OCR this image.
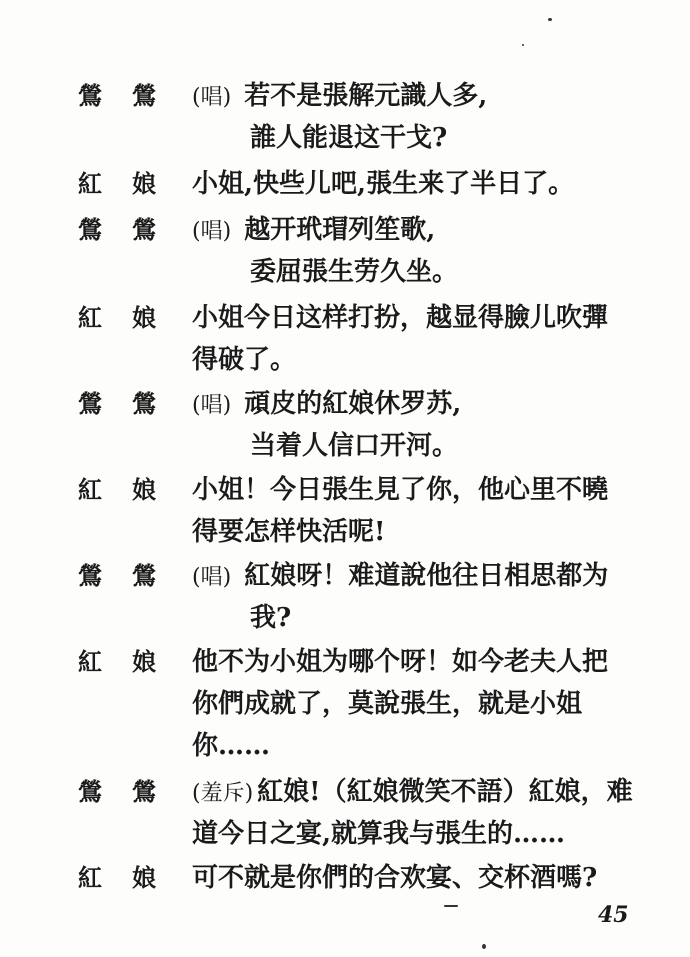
鶯鶯 (唱) 若不是張解元識人多,
誰人能退这干戈?
紅娘 小姐,快些儿吧,張生来了半日了。
鶯鶯 (唱) 越开玳瑁列笙歌,
委屈張生劳久坐。
紅娘 小姐今日这样打扮，越显得臉儿吹彈
得破了。
鶯鶯 (唱) 頑皮的紅娘休罗苏,
当着人信口开河。
紅娘 小姐！今日張生見了你，他心里不曉
得要怎样快活呢!
鶯鶯 (唱) 紅娘呀！难道說他往日相思都为
我?
紅娘 他不为小姐为哪个呀！如今老夫人把
你們成就了，莫說張生，就是小姐
你……
鶯鶯 (羞斥) 紅娘!（紅娘微笑不語）紅娘，难
道今日之宴,就算我与張生的……
紅娘 可不就是你們的合欢宴、交杯酒嗎?
45
